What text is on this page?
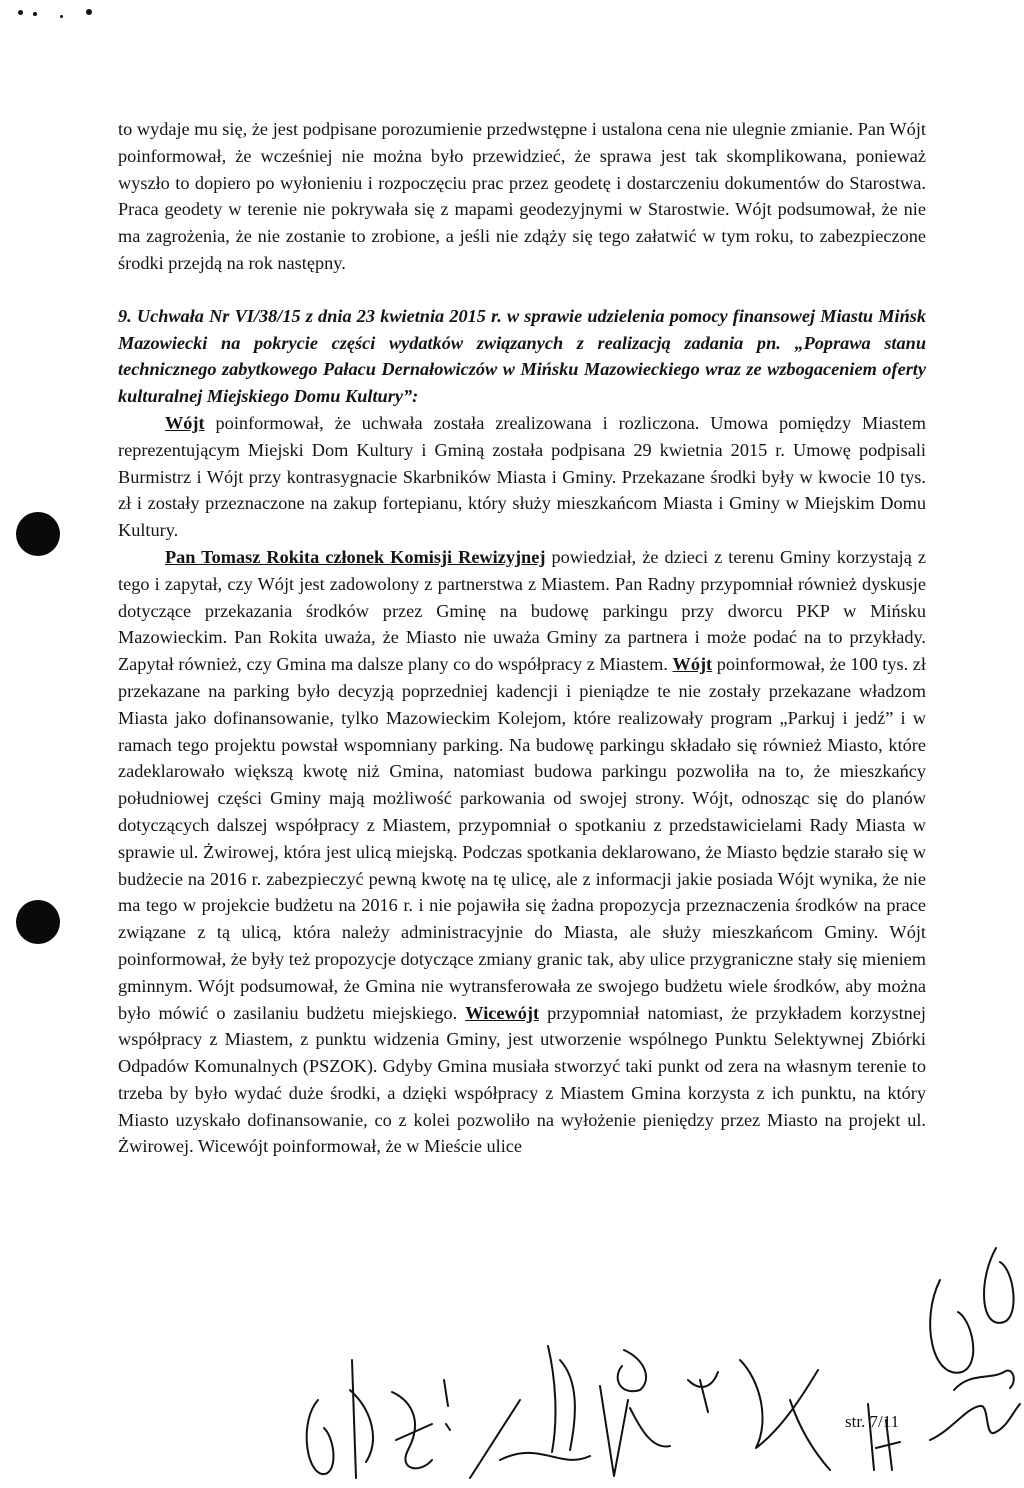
to wydaje mu się, że jest podpisane porozumienie przedwstępne i ustalona cena nie ulegnie zmianie. Pan Wójt poinformował, że wcześniej nie można było przewidzieć, że sprawa jest tak skomplikowana, ponieważ wyszło to dopiero po wyłonieniu i rozpoczęciu prac przez geodetę i dostarczeniu dokumentów do Starostwa. Praca geodety w terenie nie pokrywała się z mapami geodezyjnymi w Starostwie. Wójt podsumował, że nie ma zagrożenia, że nie zostanie to zrobione, a jeśli nie zdąży się tego załatwić w tym roku, to zabezpieczone środki przejdą na rok następny.

9. Uchwała Nr VI/38/15 z dnia 23 kwietnia 2015 r. w sprawie udzielenia pomocy finansowej Miastu Mińsk Mazowiecki na pokrycie części wydatków związanych z realizacją zadania pn. „Poprawa stanu technicznego zabytkowego Pałacu Dernałowiczów w Mińsku Mazowieckiego wraz ze wzbogaceniem oferty kulturalnej Miejskiego Domu Kultury”:

Wójt poinformował, że uchwała została zrealizowana i rozliczona. Umowa pomiędzy Miastem reprezentującym Miejski Dom Kultury i Gminą została podpisana 29 kwietnia 2015 r. Umowę podpisali Burmistrz i Wójt przy kontrasygnacie Skarbników Miasta i Gminy. Przekazane środki były w kwocie 10 tys. zł i zostały przeznaczone na zakup fortepianu, który służy mieszkańcom Miasta i Gminy w Miejskim Domu Kultury.

Pan Tomasz Rokita członek Komisji Rewizyjnej powiedział, że dzieci z terenu Gminy korzystają z tego i zapytał, czy Wójt jest zadowolony z partnerstwa z Miastem. Pan Radny przypomniał również dyskusje dotyczące przekazania środków przez Gminę na budowę parkingu przy dworcu PKP w Mińsku Mazowieckim. Pan Rokita uważa, że Miasto nie uważa Gminy za partnera i może podać na to przykłady. Zapytał również, czy Gmina ma dalsze plany co do współpracy z Miastem. Wójt poinformował, że 100 tys. zł przekazane na parking było decyzją poprzedniej kadencji i pieniądze te nie zostały przekazane władzom Miasta jako dofinansowanie, tylko Mazowieckim Kolejom, które realizowały program „Parkuj i jedź” i w ramach tego projektu powstał wspomniany parking. Na budowę parkingu składało się również Miasto, które zadeklarowało większą kwotę niż Gmina, natomiast budowa parkingu pozwoliła na to, że mieszkańcy południowej części Gminy mają możliwość parkowania od swojej strony. Wójt, odnosząc się do planów dotyczących dalszej współpracy z Miastem, przypomniał o spotkaniu z przedstawicielami Rady Miasta w sprawie ul. Żwirowej, która jest ulicą miejską. Podczas spotkania deklarowano, że Miasto będzie starało się w budżecie na 2016 r. zabezpieczyć pewną kwotę na tę ulicę, ale z informacji jakie posiada Wójt wynika, że nie ma tego w projekcie budżetu na 2016 r. i nie pojawiła się żadna propozycja przeznaczenia środków na prace związane z tą ulicą, która należy administracyjnie do Miasta, ale służy mieszkańcom Gminy. Wójt poinformował, że były też propozycje dotyczące zmiany granic tak, aby ulice przygraniczne stały się mieniem gminnym. Wójt podsumował, że Gmina nie wytransferowała ze swojego budżetu wiele środków, aby można było mówić o zasilaniu budżetu miejskiego. Wicewójt przypomniał natomiast, że przykładem korzystnej współpracy z Miastem, z punktu widzenia Gminy, jest utworzenie wspólnego Punktu Selektywnej Zbiórki Odpadów Komunalnych (PSZOK). Gdyby Gmina musiała stworzyć taki punkt od zera na własnym terenie to trzeba by było wydać duże środki, a dzięki współpracy z Miastem Gmina korzysta z ich punktu, na który Miasto uzyskało dofinansowanie, co z kolei pozwoliło na wyłożenie pieniędzy przez Miasto na projekt ul. Żwirowej. Wicewójt poinformował, że w Mieście ulice

str. 7/11
